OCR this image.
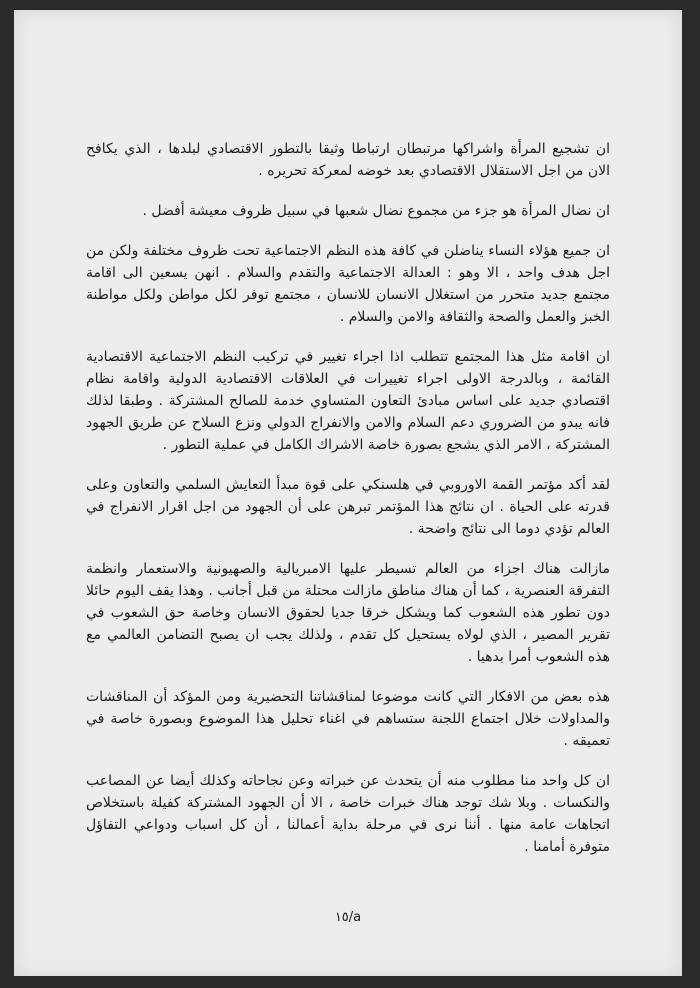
ان تشجيع المرأة واشراكها مرتبطان ارتباطا وثيقا بالتطور الاقتصادي لبلدها ، الذي يكافح الان من اجل الاستقلال الاقتصادي بعد خوضه لمعركة تحريره .

ان نضال المرأة هو جزء من مجموع نضال شعبها في سبيل ظروف معيشة أفضل .

ان جميع هؤلاء النساء يناضلن في كافة هذه النظم الاجتماعية تحت ظروف مختلفة ولكن من اجل هدف واحد ، الا وهو : العدالة الاجتماعية والتقدم والسلام . انهن يسعين الى اقامة مجتمع جديد متحرر من استغلال الانسان للانسان ، مجتمع توفر لكل مواطن ولكل مواطنة الخبز والعمل والصحة والثقافة والامن والسلام .

ان اقامة مثل هذا المجتمع تتطلب اذا اجراء تغيير في تركيب النظم الاجتماعية الاقتصادية القائمة ، وبالدرجة الاولى اجراء تغييرات في العلاقات الاقتصادية الدولية واقامة نظام اقتصادي جديد على اساس مبادئ التعاون المتساوي خدمة للصالح المشتركة . وطبقا لذلك فانه يبدو من الضروري دعم السلام والامن والانفراج الدولي ونزع السلاح عن طريق الجهود المشتركة ، الامر الذي يشجع بصورة خاصة الاشراك الكامل في عملية التطور .

لقد أكد مؤتمر القمة الاوروبي في هلسنكي على قوة مبدأ التعايش السلمي والتعاون وعلى قدرته على الحياة . ان نتائج هذا المؤتمر تبرهن على أن الجهود من اجل اقرار الانفراج في العالم تؤدي دوما الى نتائج واضحة .

مازالت هناك اجزاء من العالم تسيطر عليها الامبريالية والصهيونية والاستعمار وانظمة التفرقة العنصرية ، كما أن هناك مناطق مازالت محتلة من قبل أجانب . وهذا يقف اليوم حائلا دون تطور هذه الشعوب كما ويشكل خرقا جديا لحقوق الانسان وخاصة حق الشعوب في تقرير المصير ، الذي لولاه يستحيل كل تقدم ، ولذلك يجب ان يصبح التضامن العالمي مع هذه الشعوب أمرا بدهيا .

هذه بعض من الافكار التي كانت موضوعا لمناقشاتنا التحضيرية ومن المؤكد أن المناقشات والمداولات خلال اجتماع اللجنة ستساهم في اغناء تحليل هذا الموضوع وبصورة خاصة في تعميقه .

ان كل واحد منا مطلوب منه أن يتحدث عن خبراته وعن نجاحاته وكذلك أيضا عن المصاعب والنكسات . وبلا شك توجد هناك خبرات خاصة ، الا أن الجهود المشتركة كفيلة باستخلاص اتجاهات عامة منها . أننا نرى في مرحلة بداية أعمالنا ، أن كل اسباب ودواعي التفاؤل متوفرة أمامنا .

١٥/a
